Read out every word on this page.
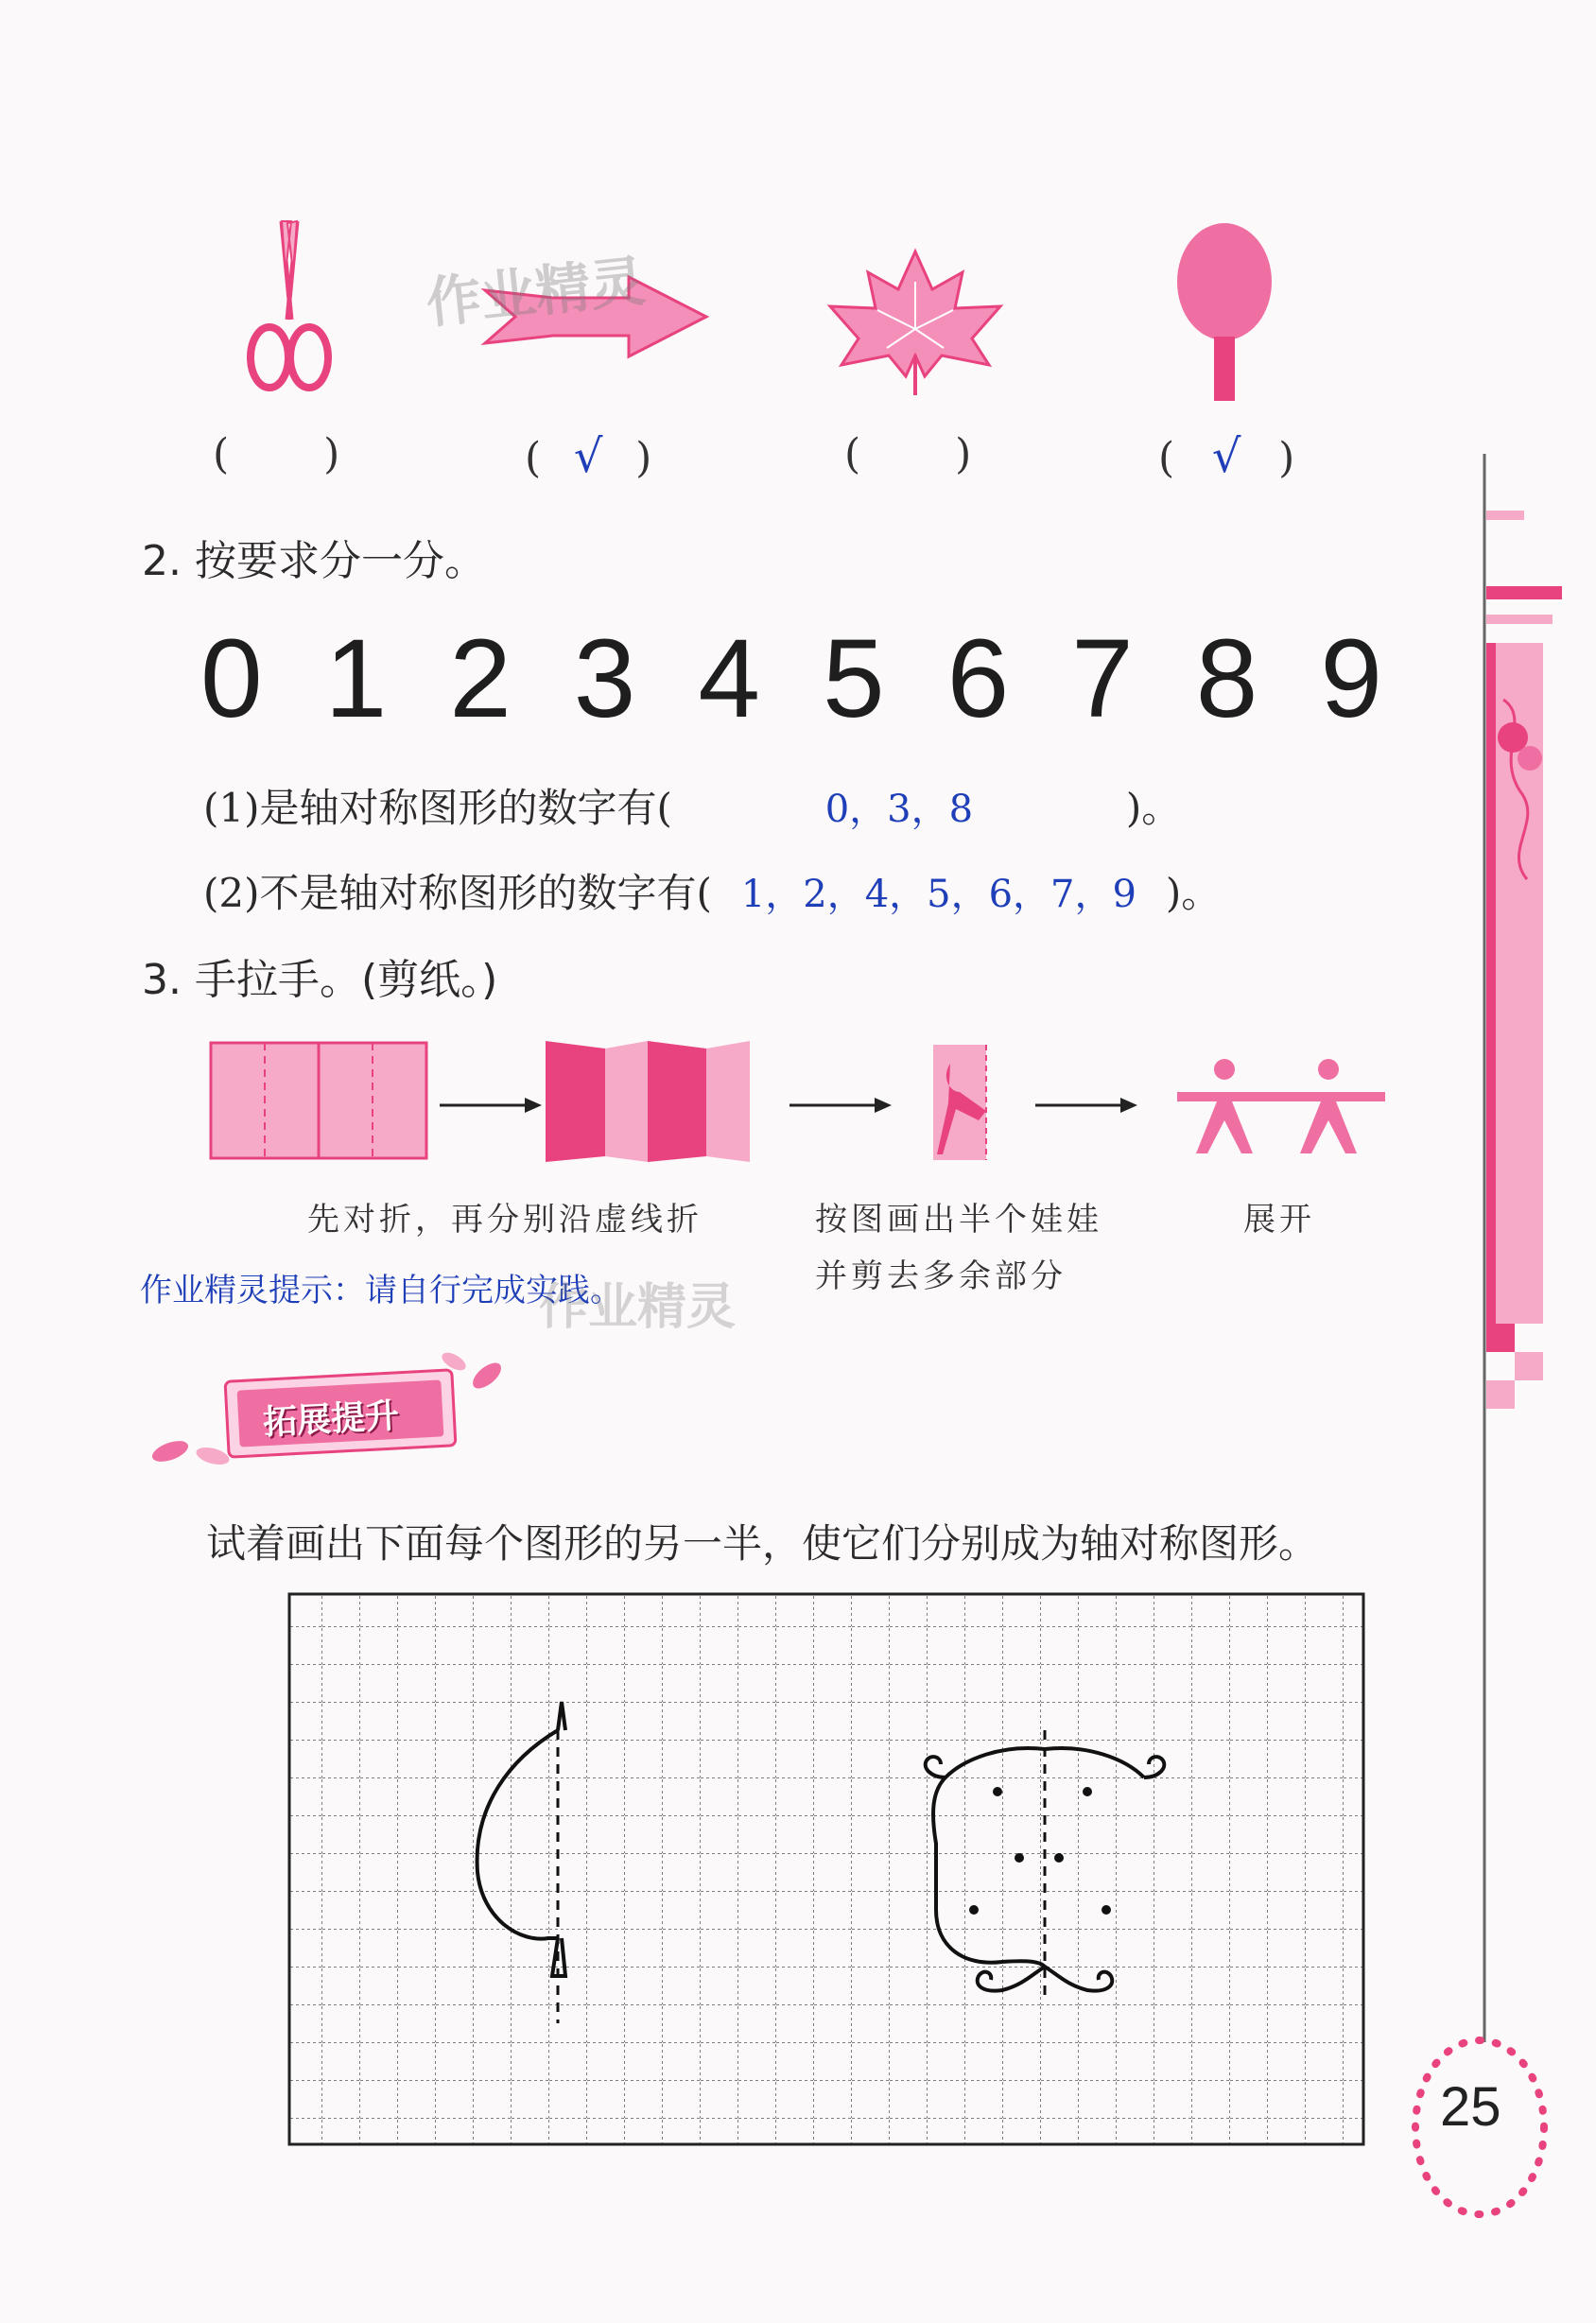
作业精灵
( )	( √ )	( )	( √ )
2. 按要求分一分。
0 1 2 3 4 5 6 7 8 9
(1)是轴对称图形的数字有(	0，3，8	)。
(2)不是轴对称图形的数字有( 1，2，4，5，6，7，9 )。
3. 手拉手。(剪纸。)
先对折，再分别沿虚线折	按图画出半个娃娃
并剪去多余部分
展开
作业精灵提示：请自行完成实践。
作业精灵
拓展提升
试着画出下面每个图形的另一半，使它们分别成为轴对称图形。
25
